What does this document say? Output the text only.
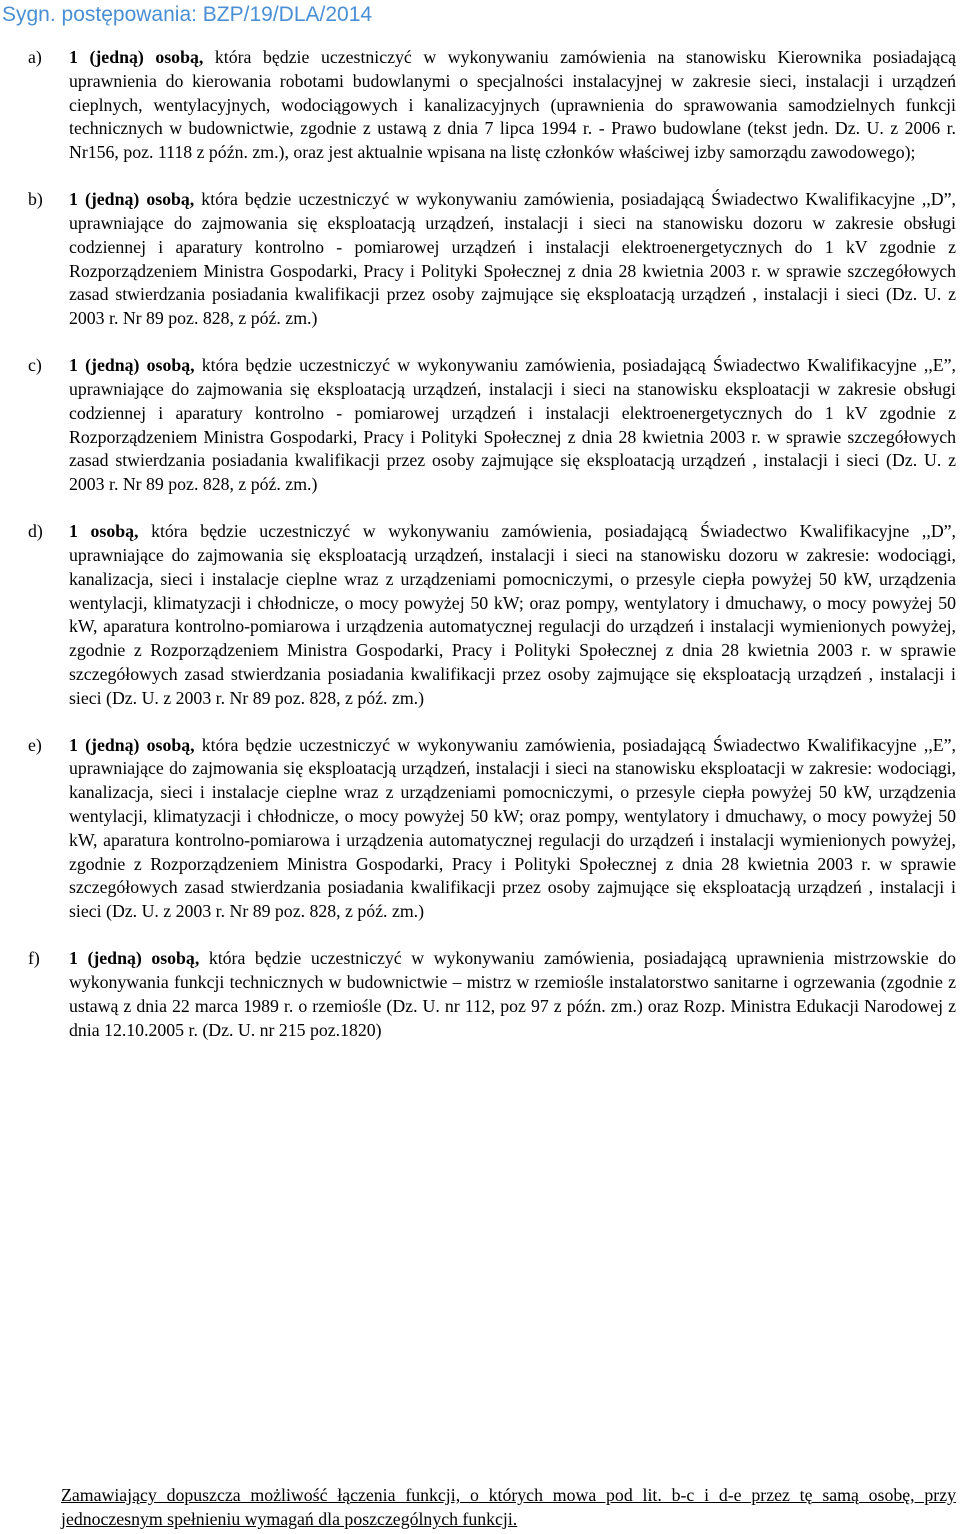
Sygn. postępowania: BZP/19/DLA/2014
a) 1 (jedną) osobą, która będzie uczestniczyć w wykonywaniu zamówienia na stanowisku Kierownika posiadającą uprawnienia do kierowania robotami budowlanymi o specjalności instalacyjnej w zakresie sieci, instalacji i urządzeń cieplnych, wentylacyjnych, wodociągowych i kanalizacyjnych (uprawnienia do sprawowania samodzielnych funkcji technicznych w budownictwie, zgodnie z ustawą z dnia 7 lipca 1994 r. - Prawo budowlane (tekst jedn. Dz. U. z 2006 r. Nr156, poz. 1118 z późn. zm.), oraz jest aktualnie wpisana na listę członków właściwej izby samorządu zawodowego);
b) 1 (jedną) osobą, która będzie uczestniczyć w wykonywaniu zamówienia, posiadającą Świadectwo Kwalifikacyjne ,,D”, uprawniające do zajmowania się eksploatacją urządzeń, instalacji i sieci na stanowisku dozoru w zakresie obsługi codziennej i aparatury kontrolno - pomiarowej urządzeń i instalacji elektroenergetycznych do 1 kV zgodnie z Rozporządzeniem Ministra Gospodarki, Pracy i Polityki Społecznej z dnia 28 kwietnia 2003 r. w sprawie szczegółowych zasad stwierdzania posiadania kwalifikacji przez osoby zajmujące się eksploatacją urządzeń , instalacji i sieci (Dz. U. z 2003 r. Nr 89 poz. 828, z póź. zm.)
c) 1 (jedną) osobą, która będzie uczestniczyć w wykonywaniu zamówienia, posiadającą Świadectwo Kwalifikacyjne ,,E”, uprawniające do zajmowania się eksploatacją urządzeń, instalacji i sieci na stanowisku eksploatacji w zakresie obsługi codziennej i aparatury kontrolno - pomiarowej urządzeń i instalacji elektroenergetycznych do 1 kV zgodnie z Rozporządzeniem Ministra Gospodarki, Pracy i Polityki Społecznej z dnia 28 kwietnia 2003 r. w sprawie szczegółowych zasad stwierdzania posiadania kwalifikacji przez osoby zajmujące się eksploatacją urządzeń , instalacji i sieci (Dz. U. z 2003 r. Nr 89 poz. 828, z póź. zm.)
d) 1 osobą, która będzie uczestniczyć w wykonywaniu zamówienia, posiadającą Świadectwo Kwalifikacyjne ,,D”, uprawniające do zajmowania się eksploatacją urządzeń, instalacji i sieci na stanowisku dozoru w zakresie: wodociągi, kanalizacja, sieci i instalacje cieplne wraz z urządzeniami pomocniczymi, o przesyle ciepła powyżej 50 kW, urządzenia wentylacji, klimatyzacji i chłodnicze, o mocy powyżej 50 kW; oraz pompy, wentylatory i dmuchawy, o mocy powyżej 50 kW, aparatura kontrolno-pomiarowa i urządzenia automatycznej regulacji do urządzeń i instalacji wymienionych powyżej, zgodnie z Rozporządzeniem Ministra Gospodarki, Pracy i Polityki Społecznej z dnia 28 kwietnia 2003 r. w sprawie szczegółowych zasad stwierdzania posiadania kwalifikacji przez osoby zajmujące się eksploatacją urządzeń , instalacji i sieci (Dz. U. z 2003 r. Nr 89 poz. 828, z póź. zm.)
e) 1 (jedną) osobą, która będzie uczestniczyć w wykonywaniu zamówienia, posiadającą Świadectwo Kwalifikacyjne ,,E”, uprawniające do zajmowania się eksploatacją urządzeń, instalacji i sieci na stanowisku eksploatacji w zakresie: wodociągi, kanalizacja, sieci i instalacje cieplne wraz z urządzeniami pomocniczymi, o przesyle ciepła powyżej 50 kW, urządzenia wentylacji, klimatyzacji i chłodnicze, o mocy powyżej 50 kW; oraz pompy, wentylatory i dmuchawy, o mocy powyżej 50 kW, aparatura kontrolno-pomiarowa i urządzenia automatycznej regulacji do urządzeń i instalacji wymienionych powyżej, zgodnie z Rozporządzeniem Ministra Gospodarki, Pracy i Polityki Społecznej z dnia 28 kwietnia 2003 r. w sprawie szczegółowych zasad stwierdzania posiadania kwalifikacji przez osoby zajmujące się eksploatacją urządzeń , instalacji i sieci (Dz. U. z 2003 r. Nr 89 poz. 828, z póź. zm.)
f) 1 (jedną) osobą, która będzie uczestniczyć w wykonywaniu zamówienia, posiadającą uprawnienia mistrzowskie do wykonywania funkcji technicznych w budownictwie – mistrz w rzemiośle instalatorstwo sanitarne i ogrzewania (zgodnie z ustawą z dnia 22 marca 1989 r. o rzemiośle (Dz. U. nr 112, poz 97 z późn. zm.) oraz Rozp. Ministra Edukacji Narodowej z dnia 12.10.2005 r. (Dz. U. nr 215 poz.1820)
Zamawiający dopuszcza możliwość łączenia funkcji, o których mowa pod lit. b-c i d-e przez tę samą osobę, przy jednoczesnym spełnieniu wymagań dla poszczególnych funkcji.
